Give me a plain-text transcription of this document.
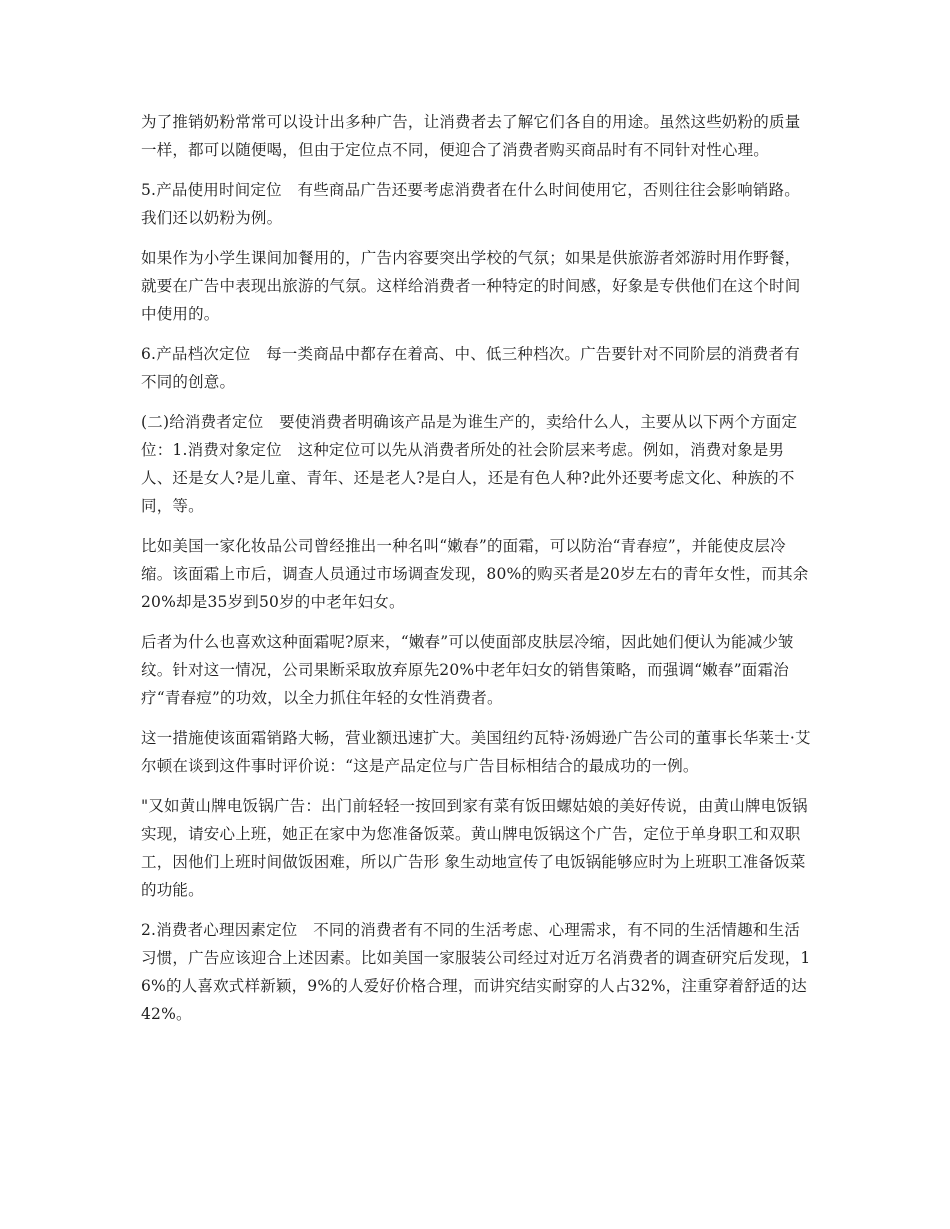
为了推销奶粉常常可以设计出多种广告，让消费者去了解它们各自的用途。虽然这些奶粉的质量一样，都可以随便喝，但由于定位点不同，便迎合了消费者购买商品时有不同针对性心理。

5.产品使用时间定位　有些商品广告还要考虑消费者在什么时间使用它，否则往往会影响销路。　我们还以奶粉为例。

如果作为小学生课间加餐用的，广告内容要突出学校的气氛；如果是供旅游者郊游时用作野餐，就要在广告中表现出旅游的气氛。这样给消费者一种特定的时间感，好象是专供他们在这个时间中使用的。

6.产品档次定位　每一类商品中都存在着高、中、低三种档次。广告要针对不同阶层的消费者有不同的创意。

(二)给消费者定位　要使消费者明确该产品是为谁生产的，卖给什么人，主要从以下两个方面定位：1.消费对象定位　这种定位可以先从消费者所处的社会阶层来考虑。例如，消费对象是男人、还是女人?是儿童、青年、还是老人?是白人，还是有色人种?此外还要考虑文化、种族的不同，等。

比如美国一家化妆品公司曾经推出一种名叫“嫩春”的面霜，可以防治“青春痘”，并能使皮层冷缩。该面霜上市后，调查人员通过市场调查发现，80%的购买者是20岁左右的青年女性，而其余20%却是35岁到50岁的中老年妇女。

后者为什么也喜欢这种面霜呢?原来，“嫩春”可以使面部皮肤层冷缩，因此她们便认为能减少皱纹。针对这一情况，公司果断采取放弃原先20%中老年妇女的销售策略，而强调“嫩春”面霜治疗“青春痘”的功效，以全力抓住年轻的女性消费者。

这一措施使该面霜销路大畅，营业额迅速扩大。美国纽约瓦特·汤姆逊广告公司的董事长华莱士·艾尔顿在谈到这件事时评价说：“这是产品定位与广告目标相结合的最成功的一例。

"又如黄山牌电饭锅广告：出门前轻轻一按回到家有菜有饭田螺姑娘的美好传说，由黄山牌电饭锅实现，请安心上班，她正在家中为您准备饭菜。黄山牌电饭锅这个广告，定位于单身职工和双职工，因他们上班时间做饭困难，所以广告形 象生动地宣传了电饭锅能够应时为上班职工准备饭菜的功能。

2.消费者心理因素定位　不同的消费者有不同的生活考虑、心理需求，有不同的生活情趣和生活习惯，广告应该迎合上述因素。比如美国一家服装公司经过对近万名消费者的调查研究后发现，16%的人喜欢式样新颖，9%的人爱好价格合理，而讲究结实耐穿的人占32%，注重穿着舒适的达42%。
